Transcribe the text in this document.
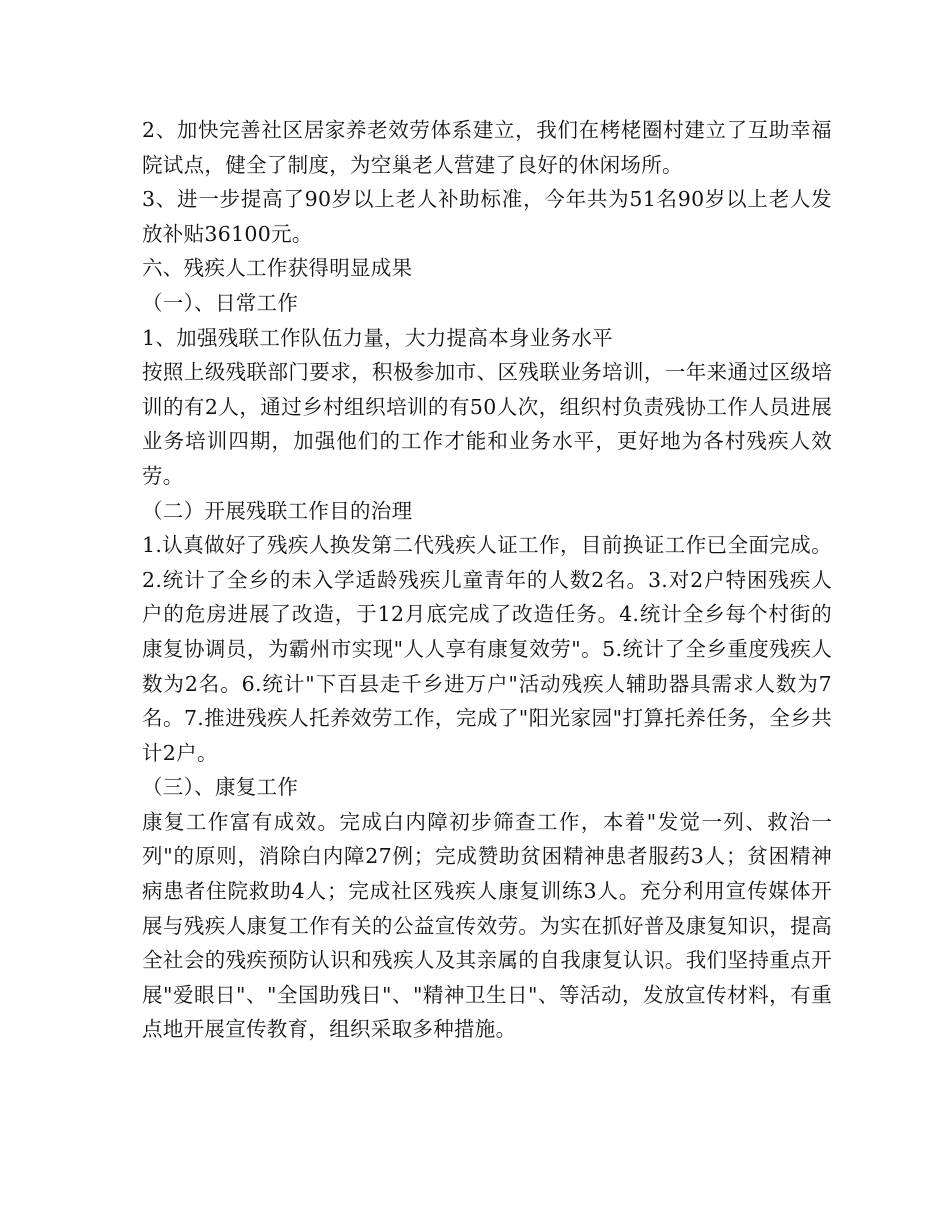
2、加快完善社区居家养老效劳体系建立，我们在栲栳圈村建立了互助幸福院试点，健全了制度，为空巢老人营建了良好的休闲场所。

3、进一步提高了90岁以上老人补助标准，今年共为51名90岁以上老人发放补贴36100元。

六、残疾人工作获得明显成果

（一）、日常工作

1、加强残联工作队伍力量，大力提高本身业务水平

按照上级残联部门要求，积极参加市、区残联业务培训，一年来通过区级培训的有2人，通过乡村组织培训的有50人次，组织村负责残协工作人员进展业务培训四期，加强他们的工作才能和业务水平，更好地为各村残疾人效劳。

（二）开展残联工作目的治理

1.认真做好了残疾人换发第二代残疾人证工作，目前换证工作已全面完成。2.统计了全乡的未入学适龄残疾儿童青年的人数2名。3.对2户特困残疾人户的危房进展了改造，于12月底完成了改造任务。4.统计全乡每个村街的康复协调员，为霸州市实现"人人享有康复效劳"。5.统计了全乡重度残疾人数为2名。6.统计"下百县走千乡进万户"活动残疾人辅助器具需求人数为7名。7.推进残疾人托养效劳工作，完成了"阳光家园"打算托养任务，全乡共计2户。

（三）、康复工作

康复工作富有成效。完成白内障初步筛查工作，本着"发觉一列、救治一列"的原则，消除白内障27例；完成赞助贫困精神患者服药3人；贫困精神病患者住院救助4人；完成社区残疾人康复训练3人。充分利用宣传媒体开展与残疾人康复工作有关的公益宣传效劳。为实在抓好普及康复知识，提高全社会的残疾预防认识和残疾人及其亲属的自我康复认识。我们坚持重点开展"爱眼日"、"全国助残日"、"精神卫生日"、等活动，发放宣传材料，有重点地开展宣传教育，组织采取多种措施。
